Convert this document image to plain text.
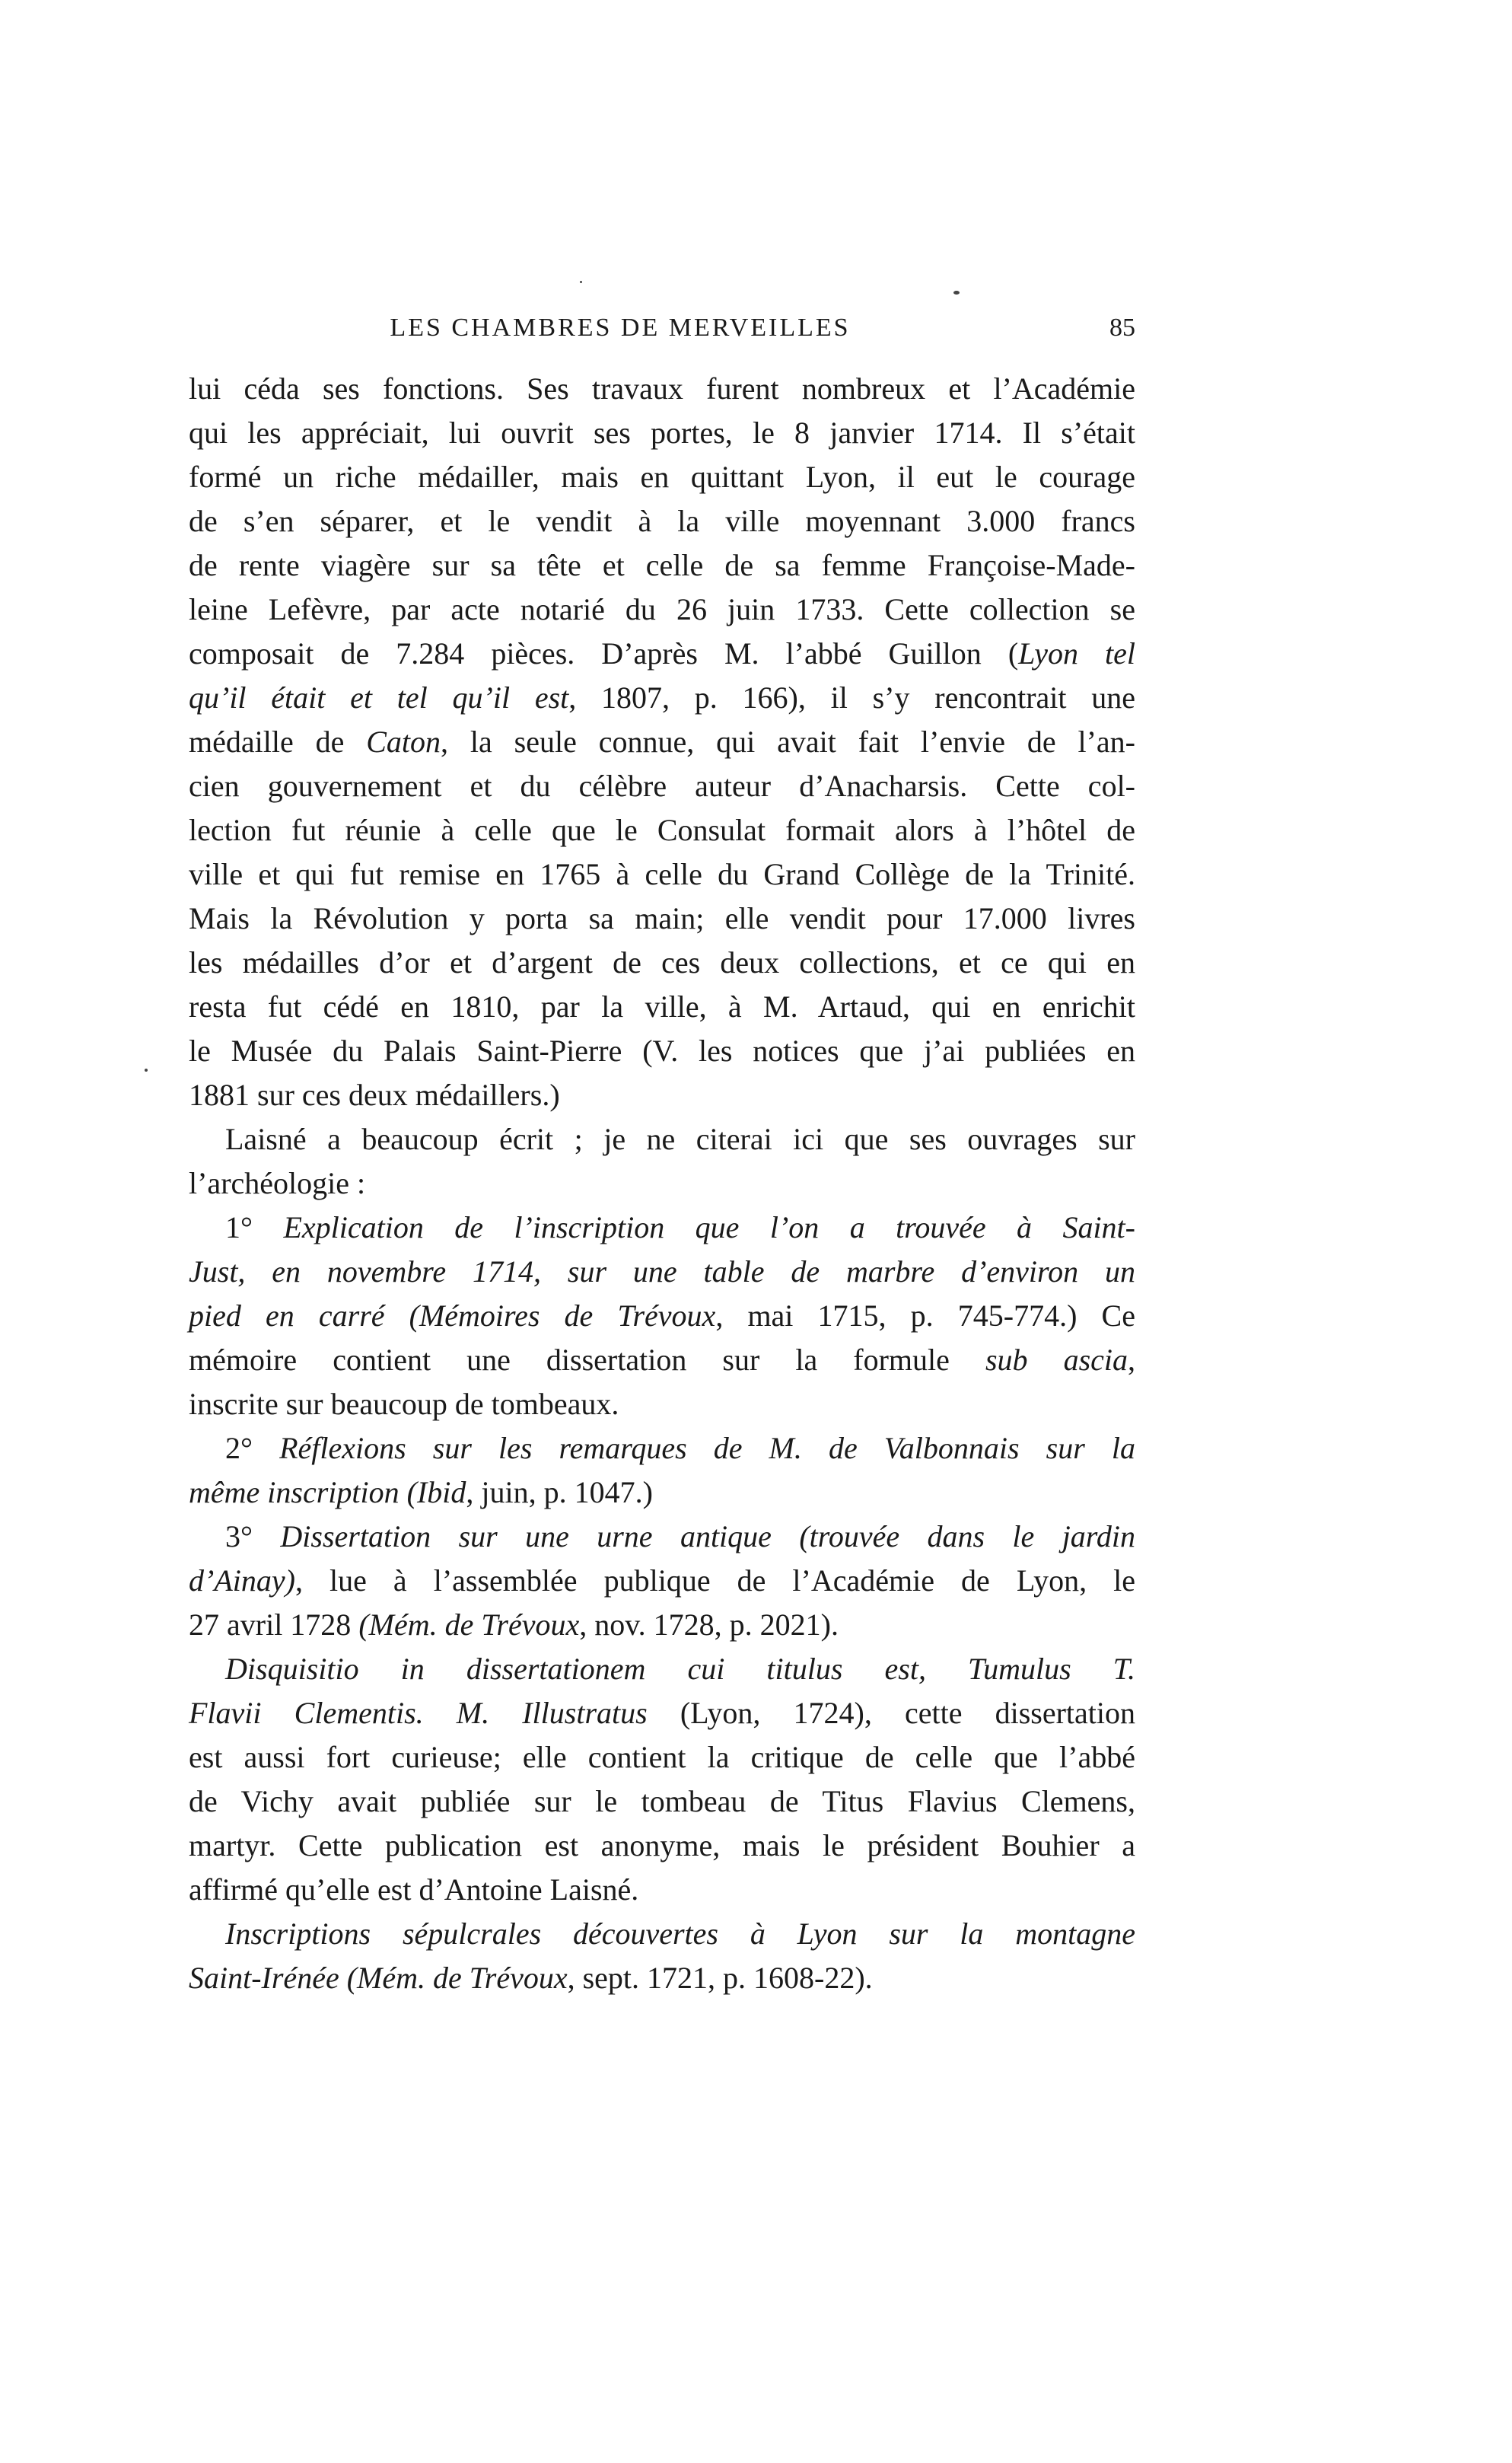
LES CHAMBRES DE MERVEILLES	85
lui céda ses fonctions. Ses travaux furent nombreux et l’Académie
qui les appréciait, lui ouvrit ses portes, le 8 janvier 1714. Il s’était
formé un riche médailler, mais en quittant Lyon, il eut le courage
de s’en séparer, et le vendit à la ville moyennant 3.000 francs
de rente viagère sur sa tête et celle de sa femme Françoise-Made-
leine Lefèvre, par acte notarié du 26 juin 1733. Cette collection se
composait de 7.284 pièces. D’après M. l’abbé Guillon (Lyon tel
qu’il était et tel qu’il est, 1807, p. 166), il s’y rencontrait une
médaille de Caton, la seule connue, qui avait fait l’envie de l’an-
cien gouvernement et du célèbre auteur d’Anacharsis. Cette col-
lection fut réunie à celle que le Consulat formait alors à l’hôtel de
ville et qui fut remise en 1765 à celle du Grand Collège de la Trinité.
Mais la Révolution y porta sa main; elle vendit pour 17.000 livres
les médailles d’or et d’argent de ces deux collections, et ce qui en
resta fut cédé en 1810, par la ville, à M. Artaud, qui en enrichit
le Musée du Palais Saint-Pierre (V. les notices que j’ai publiées en
1881 sur ces deux médaillers.)
Laisné a beaucoup écrit ; je ne citerai ici que ses ouvrages sur
l’archéologie :
1° Explication de l’inscription que l’on a trouvée à Saint-
Just, en novembre 1714, sur une table de marbre d’environ un
pied en carré (Mémoires de Trévoux, mai 1715, p. 745-774.) Ce
mémoire contient une dissertation sur la formule sub ascia,
inscrite sur beaucoup de tombeaux.
2° Réflexions sur les remarques de M. de Valbonnais sur la
même inscription (Ibid, juin, p. 1047.)
3° Dissertation sur une urne antique (trouvée dans le jardin
d’Ainay), lue à l’assemblée publique de l’Académie de Lyon, le
27 avril 1728 (Mém. de Trévoux, nov. 1728, p. 2021).
Disquisitio in dissertationem cui titulus est, Tumulus T.
Flavii Clementis. M. Illustratus (Lyon, 1724), cette dissertation
est aussi fort curieuse; elle contient la critique de celle que l’abbé
de Vichy avait publiée sur le tombeau de Titus Flavius Clemens,
martyr. Cette publication est anonyme, mais le président Bouhier a
affirmé qu’elle est d’Antoine Laisné.
Inscriptions sépulcrales découvertes à Lyon sur la montagne
Saint-Irénée (Mém. de Trévoux, sept. 1721, p. 1608-22).
